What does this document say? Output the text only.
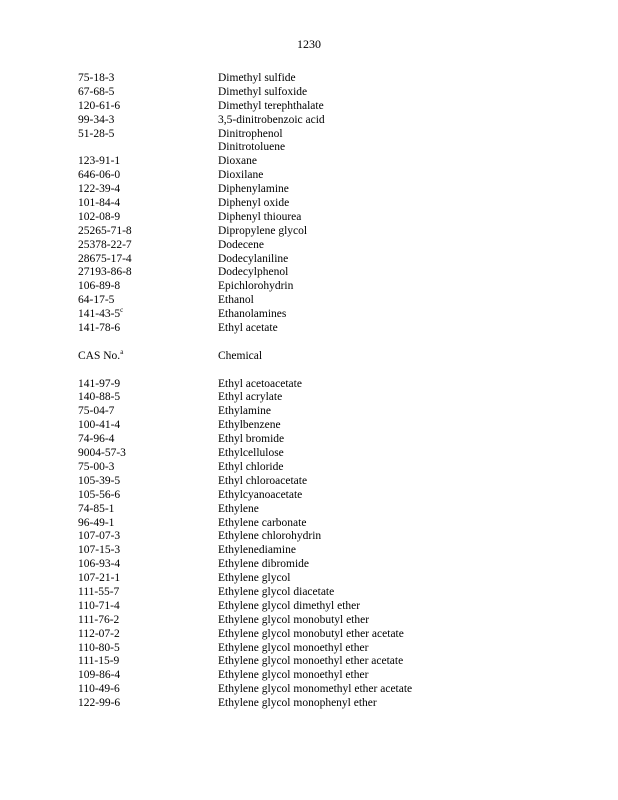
1230
75-18-3	Dimethyl sulfide
67-68-5	Dimethyl sulfoxide
120-61-6	Dimethyl terephthalate
99-34-3	3,5-dinitrobenzoic acid
51-28-5	Dinitrophenol
Dinitrotoluene
123-91-1	Dioxane
646-06-0	Dioxilane
122-39-4	Diphenylamine
101-84-4	Diphenyl oxide
102-08-9	Diphenyl thiourea
25265-71-8	Dipropylene glycol
25378-22-7	Dodecene
28675-17-4	Dodecylaniline
27193-86-8	Dodecylphenol
106-89-8	Epichlorohydrin
64-17-5	Ethanol
141-43-5$^c$	Ethanolamines
141-78-6	Ethyl acetate
CAS No.$^a$	Chemical
141-97-9	Ethyl acetoacetate
140-88-5	Ethyl acrylate
75-04-7	Ethylamine
100-41-4	Ethylbenzene
74-96-4	Ethyl bromide
9004-57-3	Ethylcellulose
75-00-3	Ethyl chloride
105-39-5	Ethyl chloroacetate
105-56-6	Ethylcyanoacetate
74-85-1	Ethylene
96-49-1	Ethylene carbonate
107-07-3	Ethylene chlorohydrin
107-15-3	Ethylenediamine
106-93-4	Ethylene dibromide
107-21-1	Ethylene glycol
111-55-7	Ethylene glycol diacetate
110-71-4	Ethylene glycol dimethyl ether
111-76-2	Ethylene glycol monobutyl ether
112-07-2	Ethylene glycol monobutyl ether acetate
110-80-5	Ethylene glycol monoethyl ether
111-15-9	Ethylene glycol monoethyl ether acetate
109-86-4	Ethylene glycol monoethyl ether
110-49-6	Ethylene glycol monomethyl ether acetate
122-99-6	Ethylene glycol monophenyl ether
